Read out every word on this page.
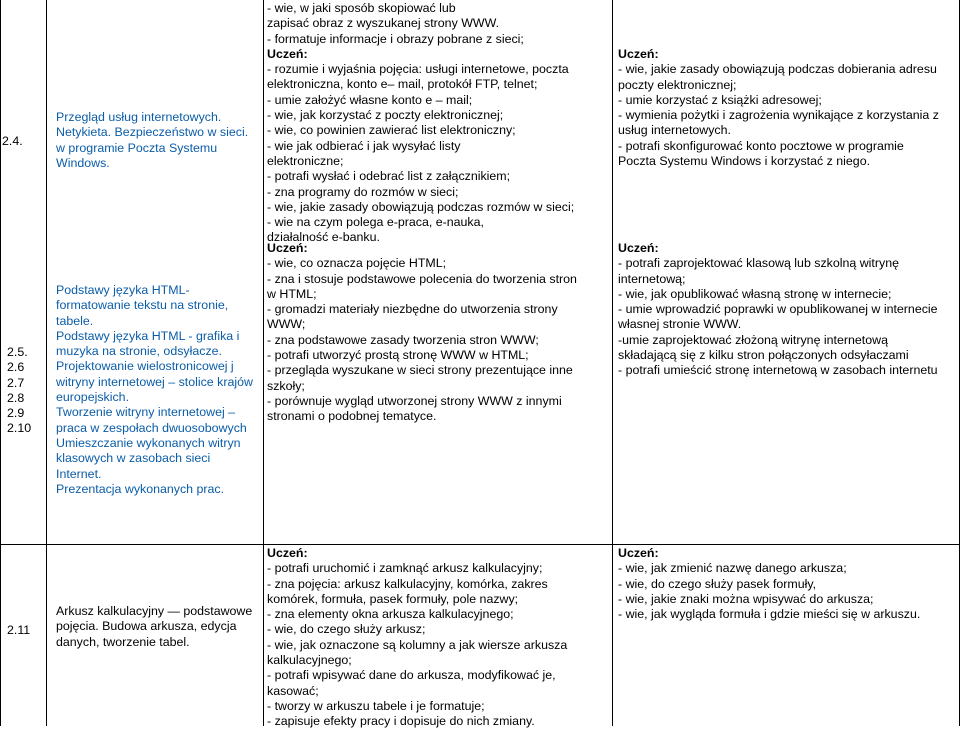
2.4.
Przegląd usług internetowych.
Netykieta. Bezpieczeństwo w sieci.
w programie Poczta Systemu
Windows.
- wie, w jaki sposób skopiować lub
zapisać obraz z wyszukanej strony WWW.
- formatuje informacje i obrazy pobrane z sieci;
Uczeń:
- rozumie i wyjaśnia pojęcia: usługi internetowe, poczta
elektroniczna, konto e– mail, protokół FTP, telnet;
- umie założyć własne konto e – mail;
- wie, jak korzystać z poczty elektronicznej;
- wie, co powinien zawierać list elektroniczny;
- wie jak odbierać i jak wysyłać listy
elektroniczne;
- potrafi wysłać i odebrać list z załącznikiem;
- zna programy do rozmów w sieci;
- wie, jakie zasady obowiązują podczas rozmów w sieci;
- wie na czym polega e-praca, e-nauka,
działalność e-banku.
Uczeń:
- wie, jakie zasady obowiązują podczas dobierania adresu
poczty elektronicznej;
- umie korzystać z książki adresowej;
- wymienia pożytki i zagrożenia wynikające z korzystania z
usług internetowych.
- potrafi skonfigurować konto pocztowe w programie
Poczta Systemu Windows i korzystać z niego.
2.5.
2.6
2.7
2.8
2.9
2.10
Podstawy języka HTML-
formatowanie tekstu na stronie,
tabele.
Podstawy języka HTML - grafika i
muzyka na stronie, odsyłacze.
Projektowanie wielostronicowej j
witryny internetowej – stolice krajów
europejskich.
Tworzenie witryny internetowej –
praca w zespołach dwuosobowych
Umieszczanie wykonanych witryn
klasowych w zasobach sieci
Internet.
Prezentacja wykonanych prac.
Uczeń:
- wie, co oznacza pojęcie HTML;
- zna i stosuje podstawowe polecenia do tworzenia stron
w HTML;
- gromadzi materiały niezbędne do utworzenia strony
WWW;
- zna podstawowe zasady tworzenia stron WWW;
- potrafi utworzyć prostą stronę WWW w HTML;
- przegląda wyszukane w sieci strony prezentujące inne
szkoły;
- porównuje wygląd utworzonej strony WWW z innymi
stronami o podobnej tematyce.
Uczeń:
- potrafi zaprojektować klasową lub szkolną witrynę
internetową;
- wie, jak opublikować własną stronę w internecie;
- umie wprowadzić poprawki w opublikowanej w internecie
własnej stronie WWW.
-umie zaprojektować złożoną witrynę internetową
składającą się z kilku stron połączonych odsyłaczami
- potrafi umieścić stronę internetową w zasobach internetu
2.11
Arkusz kalkulacyjny — podstawowe
pojęcia. Budowa arkusza, edycja
danych, tworzenie tabel.
Uczeń:
- potrafi uruchomić i zamknąć arkusz kalkulacyjny;
- zna pojęcia: arkusz kalkulacyjny, komórka, zakres
komórek, formuła, pasek formuły, pole nazwy;
- zna elementy okna arkusza kalkulacyjnego;
- wie, do czego służy arkusz;
- wie, jak oznaczone są kolumny a jak wiersze arkusza
kalkulacyjnego;
- potrafi wpisywać dane do arkusza, modyfikować je,
kasować;
- tworzy w arkuszu tabele i je formatuje;
- zapisuje efekty pracy i dopisuje do nich zmiany.
Uczeń:
- wie, jak zmienić nazwę danego arkusza;
- wie, do czego służy pasek formuły,
- wie, jakie znaki można wpisywać do arkusza;
- wie, jak wygląda formuła i gdzie mieści się w arkuszu.
